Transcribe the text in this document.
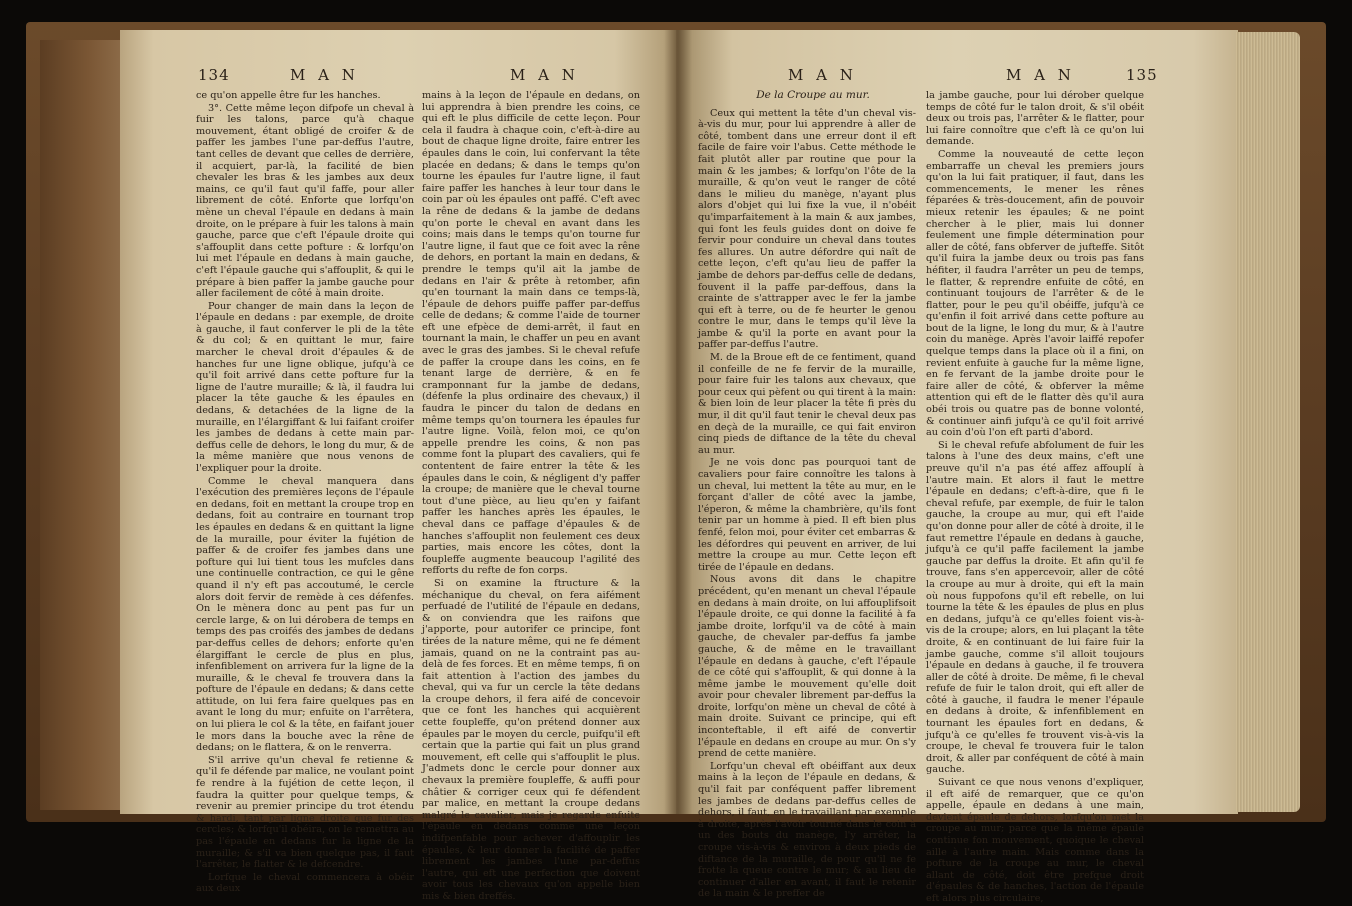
134	M A N	M A N

ce qu'on appelle être fur les hanches.

3°. Cette même leçon difpofe un cheval à fuir les talons, parce qu'à chaque mouvement, étant obligé de croifer & de paffer les jambes l'une par-deffus l'autre, tant celles de devant que celles de derrière, il acquiert, par-là, la facilité de bien chevaler les bras & les jambes aux deux mains, ce qu'il faut qu'il faffe, pour aller librement de côté. Enforte que lorfqu'on mène un cheval l'épaule en dedans à main droite, on le prépare à fuir les talons à main gauche, parce que c'eft l'épaule droite qui s'affouplit dans cette pofture : & lorfqu'on lui met l'épaule en dedans à main gauche, c'eft l'épaule gauche qui s'affouplit, & qui le prépare à bien paffer la jambe gauche pour aller facilement de côté à main droite.

Pour changer de main dans la leçon de l'épaule en dedans : par exemple, de droite à gauche, il faut conferver le pli de la tête & du col; & en quittant le mur, faire marcher le cheval droit d'épaules & de hanches fur une ligne oblique, jufqu'à ce qu'il foit arrivé dans cette pofture fur la ligne de l'autre muraille; & là, il faudra lui placer la tête gauche & les épaules en dedans, & detachées de la ligne de la muraille, en l'élargiffant & lui faifant croifer les jambes de dedans à cette main par-deffus celle de dehors, le long du mur, & de la même manière que nous venons de l'expliquer pour la droite.

Comme le cheval manquera dans l'exécution des premières leçons de l'épaule en dedans, foit en mettant la croupe trop en dedans, foit au contraire en tournant trop les épaules en dedans & en quittant la ligne de la muraille, pour éviter la fujétion de paffer & de croifer fes jambes dans une pofture qui lui tient tous les mufcles dans une continuelle contraction, ce qui le gêne quand il n'y eft pas accoutumé, le cercle alors doit fervir de remède à ces défenfes. On le mènera donc au pent pas fur un cercle large, & on lui dérobera de temps en temps des pas croifés des jambes de dedans par-deffus celles de dehors; enforte qu'en élargiffant le cercle de plus en plus, infenfiblement on arrivera fur la ligne de la muraille, & le cheval fe trouvera dans la pofture de l'épaule en dedans; & dans cette attitude, on lui fera faire quelques pas en avant le long du mur; enfuite on l'arrêtera, on lui pliera le col & la tête, en faifant jouer le mors dans la bouche avec la rêne de dedans; on le flattera, & on le renverra.

S'il arrive qu'un cheval fe retienne & qu'il fe défende par malice, ne voulant point fe rendre à la fujétion de cette leçon, il faudra la quitter pour quelque temps, & revenir au premier principe du trot étendu & hardi, tant par ligne droite que fur des cercles; & lorfqu'il obéira, on le remettra au pas l'épaule en dedans fur la ligne de la muraille; & s'il va bien quelque pas, il faut l'arrêter, le flatter & le defcendre.

Lorfque le cheval commencera à obéir aux deux

mains à la leçon de l'épaule en dedans, on lui apprendra à bien prendre les coins, ce qui eft le plus difficile de cette leçon. Pour cela il faudra à chaque coin, c'eft-à-dire au bout de chaque ligne droite, faire entrer les épaules dans le coin, lui confervant la tête placée en dedans; & dans le temps qu'on tourne les épaules fur l'autre ligne, il faut faire paffer les hanches à leur tour dans le coin par où les épaules ont paffé. C'eft avec la rêne de dedans & la jambe de dedans qu'on porte le cheval en avant dans les coins; mais dans le temps qu'on tourne fur l'autre ligne, il faut que ce foit avec la rêne de dehors, en portant la main en dedans, & prendre le temps qu'il ait la jambe de dedans en l'air & prête à retomber, afin qu'en tournant la main dans ce temps-là, l'épaule de dehors puiffe paffer par-deffus celle de dedans; & comme l'aide de tourner eft une efpèce de demi-arrêt, il faut en tournant la main, le chaffer un peu en avant avec le gras des jambes. Si le cheval refufe de paffer la croupe dans les coins, en fe tenant large de derrière, & en fe cramponnant fur la jambe de dedans, (défenfe la plus ordinaire des chevaux,) il faudra le pincer du talon de dedans en même temps qu'on tournera les épaules fur l'autre ligne. Voilà, felon moi, ce qu'on appelle prendre les coins, & non pas comme font la plupart des cavaliers, qui fe contentent de faire entrer la tête & les épaules dans le coin, & négligent d'y paffer la croupe; de manière que le cheval tourne tout d'une pièce, au lieu qu'en y faifant paffer les hanches après les épaules, le cheval dans ce paffage d'épaules & de hanches s'affouplit non feulement ces deux parties, mais encore les côtes, dont la foupleffe augmente beaucoup l'agilité des refforts du refte de fon corps.

Si on examine la ftructure & la méchanique du cheval, on fera aifément perfuadé de l'utilité de l'épaule en dedans, & on conviendra que les raifons que j'apporte, pour autorifer ce principe, font tirées de la nature même, qui ne fe dément jamais, quand on ne la contraint pas au-delà de fes forces. Et en même temps, fi on fait attention à l'action des jambes du cheval, qui va fur un cercle la tête dedans la croupe dehors, il fera aifé de concevoir que ce font les hanches qui acquièrent cette foupleffe, qu'on prétend donner aux épaules par le moyen du cercle, puifqu'il eft certain que la partie qui fait un plus grand mouvement, eft celle qui s'affouplit le plus. J'admets donc le cercle pour donner aux chevaux la première foupleffe, & auffi pour châtier & corriger ceux qui fe défendent par malice, en mettant la croupe dedans malgré le cavalier; mais je regarde enfuite l'épaule en dedans comme une leçon indifpenfable pour achever d'affouplir les épaules, & leur donner la facilité de paffer librement les jambes l'une par-deffus l'autre, qui eft une perfection que doivent avoir tous les chevaux qu'on appelle bien mis & bien dreffés.

M A N	M A N	135

De la Croupe au mur.

Ceux qui mettent la tête d'un cheval vis-à-vis du mur, pour lui apprendre à aller de côté, tombent dans une erreur dont il eft facile de faire voir l'abus. Cette méthode le fait plutôt aller par routine que pour la main & les jambes; & lorfqu'on l'ôte de la muraille, & qu'on veut le ranger de côté dans le milieu du manège, n'ayant plus alors d'objet qui lui fixe la vue, il n'obéit qu'imparfaitement à la main & aux jambes, qui font les feuls guides dont on doive fe fervir pour conduire un cheval dans toutes fes allures. Un autre défordre qui naît de cette leçon, c'eft qu'au lieu de paffer la jambe de dehors par-deffus celle de dedans, fouvent il la paffe par-deffous, dans la crainte de s'attrapper avec le fer la jambe qui eft à terre, ou de fe heurter le genou contre le mur, dans le temps qu'il lève la jambe & qu'il la porte en avant pour la paffer par-deffus l'autre.

M. de la Broue eft de ce fentiment, quand il confeille de ne fe fervir de la muraille, pour faire fuir les talons aux chevaux, que pour ceux qui pèfent ou qui tirent à la main: & bien loin de leur placer la tête fi près du mur, il dit qu'il faut tenir le cheval deux pas en deçà de la muraille, ce qui fait environ cinq pieds de diftance de la tête du cheval au mur.

Je ne vois donc pas pourquoi tant de cavaliers pour faire connoître les talons à un cheval, lui mettent la tête au mur, en le forçant d'aller de côté avec la jambe, l'éperon, & même la chambrière, qu'ils font tenir par un homme à pied. Il eft bien plus fenfé, felon moi, pour éviter cet embarras & les défordres qui peuvent en arriver, de lui mettre la croupe au mur. Cette leçon eft tirée de l'épaule en dedans.

Nous avons dit dans le chapitre précédent, qu'en menant un cheval l'épaule en dedans à main droite, on lui affouplifsoit l'épaule droite, ce qui donne la facilité à fa jambe droite, lorfqu'il va de côté à main gauche, de chevaler par-deffus fa jambe gauche, & de même en le travaillant l'épaule en dedans à gauche, c'eft l'épaule de ce côté qui s'affouplit, & qui donne à la même jambe le mouvement qu'elle doit avoir pour chevaler librement par-deffus la droite, lorfqu'on mène un cheval de côté à main droite. Suivant ce principe, qui eft inconteftable, il eft aifé de convertir l'épaule en dedans en croupe au mur. On s'y prend de cette manière.

Lorfqu'un cheval eft obéiffant aux deux mains à la leçon de l'épaule en dedans, & qu'il fait par conféquent paffer librement les jambes de dedans par-deffus celles de dehors, il faut, en le travaillant par exemple à droite, après l'avoir tourné dans le coin à un des bouts du manège, l'y arrêter, la croupe vis-à-vis & environ à deux pieds de diftance de la muraille, de pour qu'il ne fe frotte la queue contre le mur; & au lieu de continuer d'aller en avant, il faut le retenir de la main & le preffer de

la jambe gauche, pour lui dérober quelque temps de côté fur le talon droit, & s'il obéit deux ou trois pas, l'arrêter & le flatter, pour lui faire connoître que c'eft là ce qu'on lui demande.

Comme la nouveauté de cette leçon embarraffe un cheval les premiers jours qu'on la lui fait pratiquer, il faut, dans les commencements, le mener les rênes féparées & très-doucement, afin de pouvoir mieux retenir les épaules; & ne point chercher à le plier, mais lui donner feulement une fimple détermination pour aller de côté, fans obferver de jufteffe. Sitôt qu'il fuira la jambe deux ou trois pas fans héfiter, il faudra l'arrêter un peu de temps, le flatter, & reprendre enfuite de côté, en continuant toujours de l'arrêter & de le flatter, pour le peu qu'il obéiffe, jufqu'à ce qu'enfin il foit arrivé dans cette pofture au bout de la ligne, le long du mur, & à l'autre coin du manège. Après l'avoir laiffé repofer quelque temps dans la place où il a fini, on revient enfuite à gauche fur la même ligne, en fe fervant de la jambe droite pour le faire aller de côté, & obferver la même attention qui eft de le flatter dès qu'il aura obéi trois ou quatre pas de bonne volonté, & continuer ainfi jufqu'à ce qu'il foit arrivé au coin d'où l'on eft parti d'abord.

Si le cheval refufe abfolument de fuir les talons à l'une des deux mains, c'eft une preuve qu'il n'a pas été affez affouplí à l'autre main. Et alors il faut le mettre l'épaule en dedans; c'eft-à-dire, que fi le cheval refufe, par exemple, de fuir le talon gauche, la croupe au mur, qui eft l'aide qu'on donne pour aller de côté à droite, il le faut remettre l'épaule en dedans à gauche, jufqu'à ce qu'il paffe facilement la jambe gauche par deffus la droite. Et afin qu'il fe trouve, fans s'en appercevoir, aller de côté la croupe au mur à droite, qui eft la main où nous fuppofons qu'il eft rebelle, on lui tourne la tête & les épaules de plus en plus en dedans, jufqu'à ce qu'elles foient vis-à-vis de la croupe; alors, en lui plaçant la tête droite, & en continuant de lui faire fuir la jambe gauche, comme s'il alloit toujours l'épaule en dedans à gauche, il fe trouvera aller de côté à droite. De même, fi le cheval refufe de fuir le talon droit, qui eft aller de côté à gauche, il faudra le mener l'épaule en dedans à droite, & infenfiblement en tournant les épaules fort en dedans, & jufqu'à ce qu'elles fe trouvent vis-à-vis la croupe, le cheval fe trouvera fuir le talon droit, & aller par conféquent de côté à main gauche.

Suivant ce que nous venons d'expliquer, il eft aifé de remarquer, que ce qu'on appelle, épaule en dedans à une main, devient épaule de dehors, lorfqu'on met la croupe au mur; parce que la même épaule continue fon mouvement, quoique le cheval aille à l'autre main. Mais comme dans la pofture de la croupe au mur, le cheval allant de côté, doit être prefque droit d'épaules & de hanches, l'action de l'épaule eft alors plus circulaire,
